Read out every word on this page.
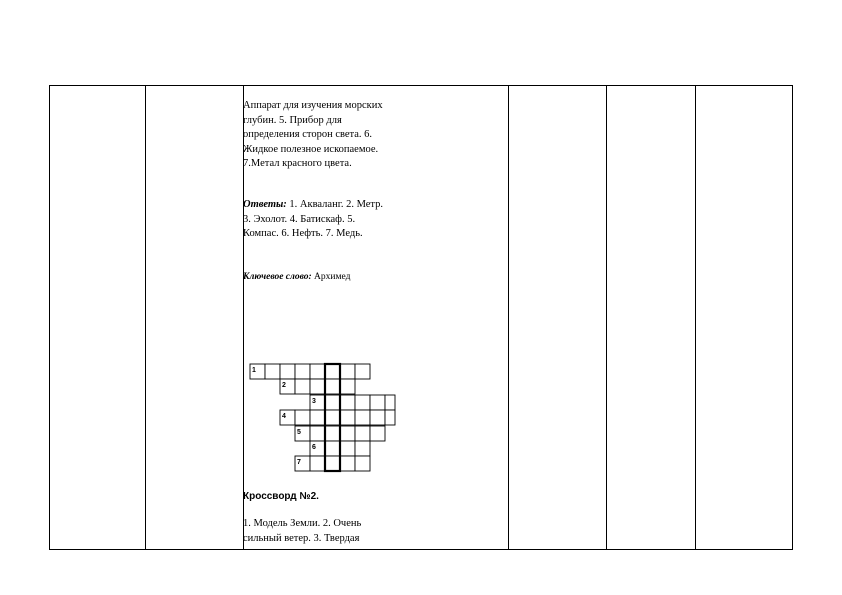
Аппарат для изучения морских глубин. 5. Прибор для определения сторон света. 6. Жидкое полезное ископаемое. 7.Метал красного цвета.
Ответы: 1. Акваланг. 2. Метр. 3. Эхолот. 4. Батискаф. 5. Компас. 6. Нефть. 7. Медь.
Ключевое слово: Архимед
Кроссворд №2.
1. Модель Земли. 2. Очень сильный ветер. 3. Твердая
1
2
3
4
5
6
7
